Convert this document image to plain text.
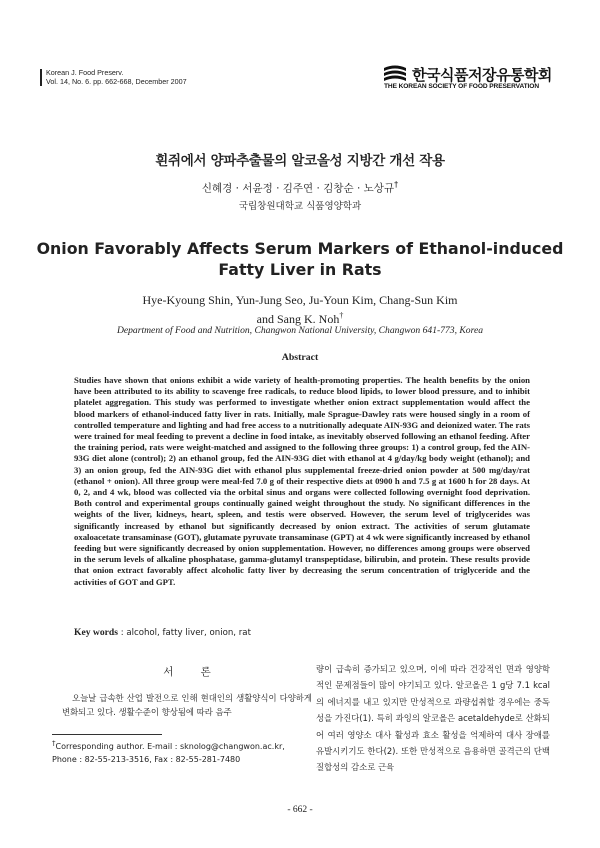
Korean J. Food Preserv.
Vol. 14, No. 6. pp. 662-668, December 2007	한국식품저장유통학회
THE KOREAN SOCIETY OF FOOD PRESERVATION
흰쥐에서 양파추출물의 알코올성 지방간 개선 작용
신혜경 · 서윤정 · 김주연 · 김창순 · 노상규†
국립창원대학교 식품영양학과
Onion Favorably Affects Serum Markers of Ethanol-induced
Fatty Liver in Rats
Hye-Kyoung Shin, Yun-Jung Seo, Ju-Youn Kim, Chang-Sun Kim
and Sang K. Noh†
Department of Food and Nutrition, Changwon National University, Changwon 641-773, Korea
Abstract
Studies have shown that onions exhibit a wide variety of health-promoting properties. The health benefits by the onion have been attributed to its ability to scavenge free radicals, to reduce blood lipids, to lower blood pressure, and to inhibit platelet aggregation. This study was performed to investigate whether onion extract supplementation would affect the blood markers of ethanol-induced fatty liver in rats. Initially, male Sprague-Dawley rats were housed singly in a room of controlled temperature and lighting and had free access to a nutritionally adequate AIN-93G and deionized water. The rats were trained for meal feeding to prevent a decline in food intake, as inevitably observed following an ethanol feeding. After the training period, rats were weight-matched and assigned to the following three groups: 1) a control group, fed the AIN-93G diet alone (control); 2) an ethanol group, fed the AIN-93G diet with ethanol at 4 g/day/kg body weight (ethanol); and 3) an onion group, fed the AIN-93G diet with ethanol plus supplemental freeze-dried onion powder at 500 mg/day/rat (ethanol + onion). All three group were meal-fed 7.0 g of their respective diets at 0900 h and 7.5 g at 1600 h for 28 days. At 0, 2, and 4 wk, blood was collected via the orbital sinus and organs were collected following overnight food deprivation. Both control and experimental groups continually gained weight throughout the study. No significant differences in the weights of the liver, kidneys, heart, spleen, and testis were observed. However, the serum level of triglycerides was significantly increased by ethanol but significantly decreased by onion extract. The activities of serum glutamate oxaloacetate transaminase (GOT), glutamate pyruvate transaminase (GPT) at 4 wk were significantly increased by ethanol feeding but were significantly decreased by onion supplementation. However, no differences among groups were observed in the serum levels of alkaline phosphatase, gamma-glutamyl transpeptidase, bilirubin, and protein. These results provide that onion extract favorably affect alcoholic fatty liver by decreasing the serum concentration of triglyceride and the activities of GOT and GPT.
Key words : alcohol, fatty liver, onion, rat
서 론
오늘날 급속한 산업 발전으로 인해 현대인의 생활양식이 다양하게 변화되고 있다. 생활수준이 향상됨에 따라 음주
†Corresponding author. E-mail : sknolog@changwon.ac.kr,
Phone : 82-55-213-3516, Fax : 82-55-281-7480
량이 급속히 증가되고 있으며, 이에 따라 건강적인 면과 영양학적인 문제점들이 많이 야기되고 있다. 알코올은 1 g당 7.1 kcal의 에너지를 내고 있지만 만성적으로 과량섭취할 경우에는 중독성을 가진다(1). 특히 과잉의 알코올은 acetaldehyde로 산화되어 여러 영양소 대사 활성과 효소 활성을 억제하여 대사 장애를 유발시키기도 한다(2). 또한 만성적으로 음용하면 골격근의 단백질합성의 감소로 근육
- 662 -
